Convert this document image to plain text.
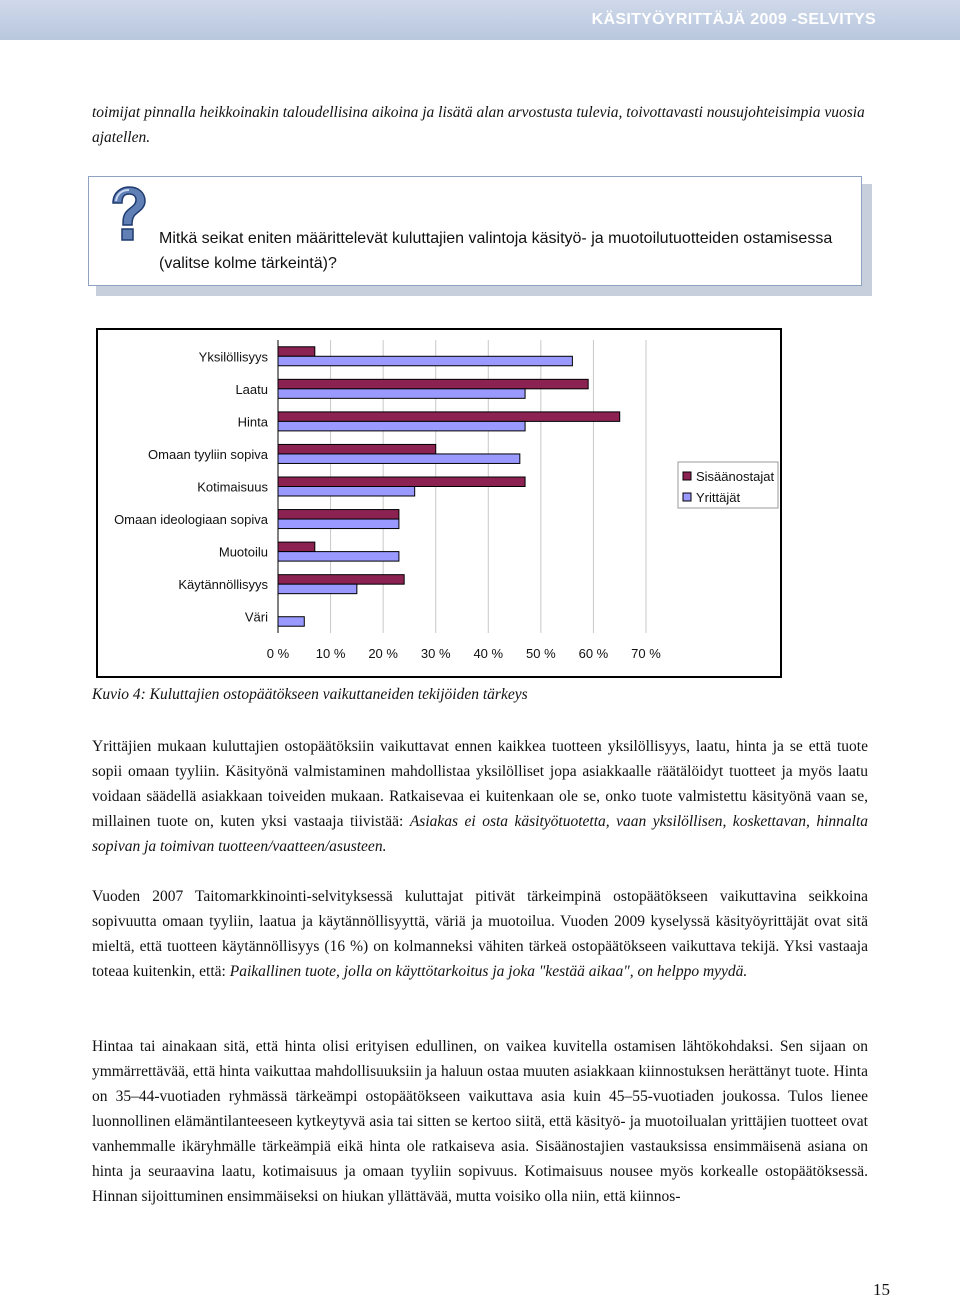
KÄSITYÖYRITTÄJÄ 2009 -SELVITYS

toimijat pinnalla heikkoinakin taloudellisina aikoina ja lisätä alan arvostusta tulevia, toivottavasti nousujohteisimpia vuosia ajatellen.

Mitkä seikat eniten määrittelevät kuluttajien valintoja käsityö- ja muotoilutuotteiden ostamisessa (valitse kolme tärkeintä)?

0 % 10 % 20 % 30 % 40 % 50 % 60 % 70 %
Yksilöllisyys
Laatu
Hinta
Omaan tyyliin sopiva
Kotimaisuus
Omaan ideologiaan sopiva
Muotoilu
Käytännöllisyys
Väri
Sisäänostajat
Yrittäjät

Kuvio 4: Kuluttajien ostopäätökseen vaikuttaneiden tekijöiden tärkeys

Yrittäjien mukaan kuluttajien ostopäätöksiin vaikuttavat ennen kaikkea tuotteen yksilöllisyys, laatu, hinta ja se että tuote sopii omaan tyyliin. Käsityönä valmistaminen mahdollistaa yksilölliset jopa asiakkaalle räätälöidyt tuotteet ja myös laatu voidaan säädellä asiakkaan toiveiden mukaan. Ratkaisevaa ei kuitenkaan ole se, onko tuote valmistettu käsityönä vaan se, millainen tuote on, kuten yksi vastaaja tiivistää: Asiakas ei osta käsityötuotetta, vaan yksilöllisen, koskettavan, hinnalta sopivan ja toimivan tuotteen/vaatteen/asusteen.

Vuoden 2007 Taitomarkkinointi-selvityksessä kuluttajat pitivät tärkeimpinä ostopäätökseen vaikuttavina seikkoina sopivuutta omaan tyyliin, laatua ja käytännöllisyyttä, väriä ja muotoilua. Vuoden 2009 kyselyssä käsityöyrittäjät ovat sitä mieltä, että tuotteen käytännöllisyys (16 %) on kolmanneksi vähiten tärkeä ostopäätökseen vaikuttava tekijä. Yksi vastaaja toteaa kuitenkin, että: Paikallinen tuote, jolla on käyttötarkoitus ja joka "kestää aikaa", on helppo myydä.

Hintaa tai ainakaan sitä, että hinta olisi erityisen edullinen, on vaikea kuvitella ostamisen lähtökohdaksi. Sen sijaan on ymmärrettävää, että hinta vaikuttaa mahdollisuuksiin ja haluun ostaa muuten asiakkaan kiinnostuksen herättänyt tuote. Hinta on 35–44-vuotiaden ryhmässä tärkeämpi ostopäätökseen vaikuttava asia kuin 45–55-vuotiaden joukossa. Tulos lienee luonnollinen elämäntilanteeseen kytkeytyvä asia tai sitten se kertoo siitä, että käsityö- ja muotoilualan yrittäjien tuotteet ovat vanhemmalle ikäryhmälle tärkeämpiä eikä hinta ole ratkaiseva asia. Sisäänostajien vastauksissa ensimmäisenä asiana on hinta ja seuraavina laatu, kotimaisuus ja omaan tyyliin sopivuus. Kotimaisuus nousee myös korkealle ostopäätöksessä. Hinnan sijoittuminen ensimmäiseksi on hiukan yllättävää, mutta voisiko olla niin, että kiinnos-

15
